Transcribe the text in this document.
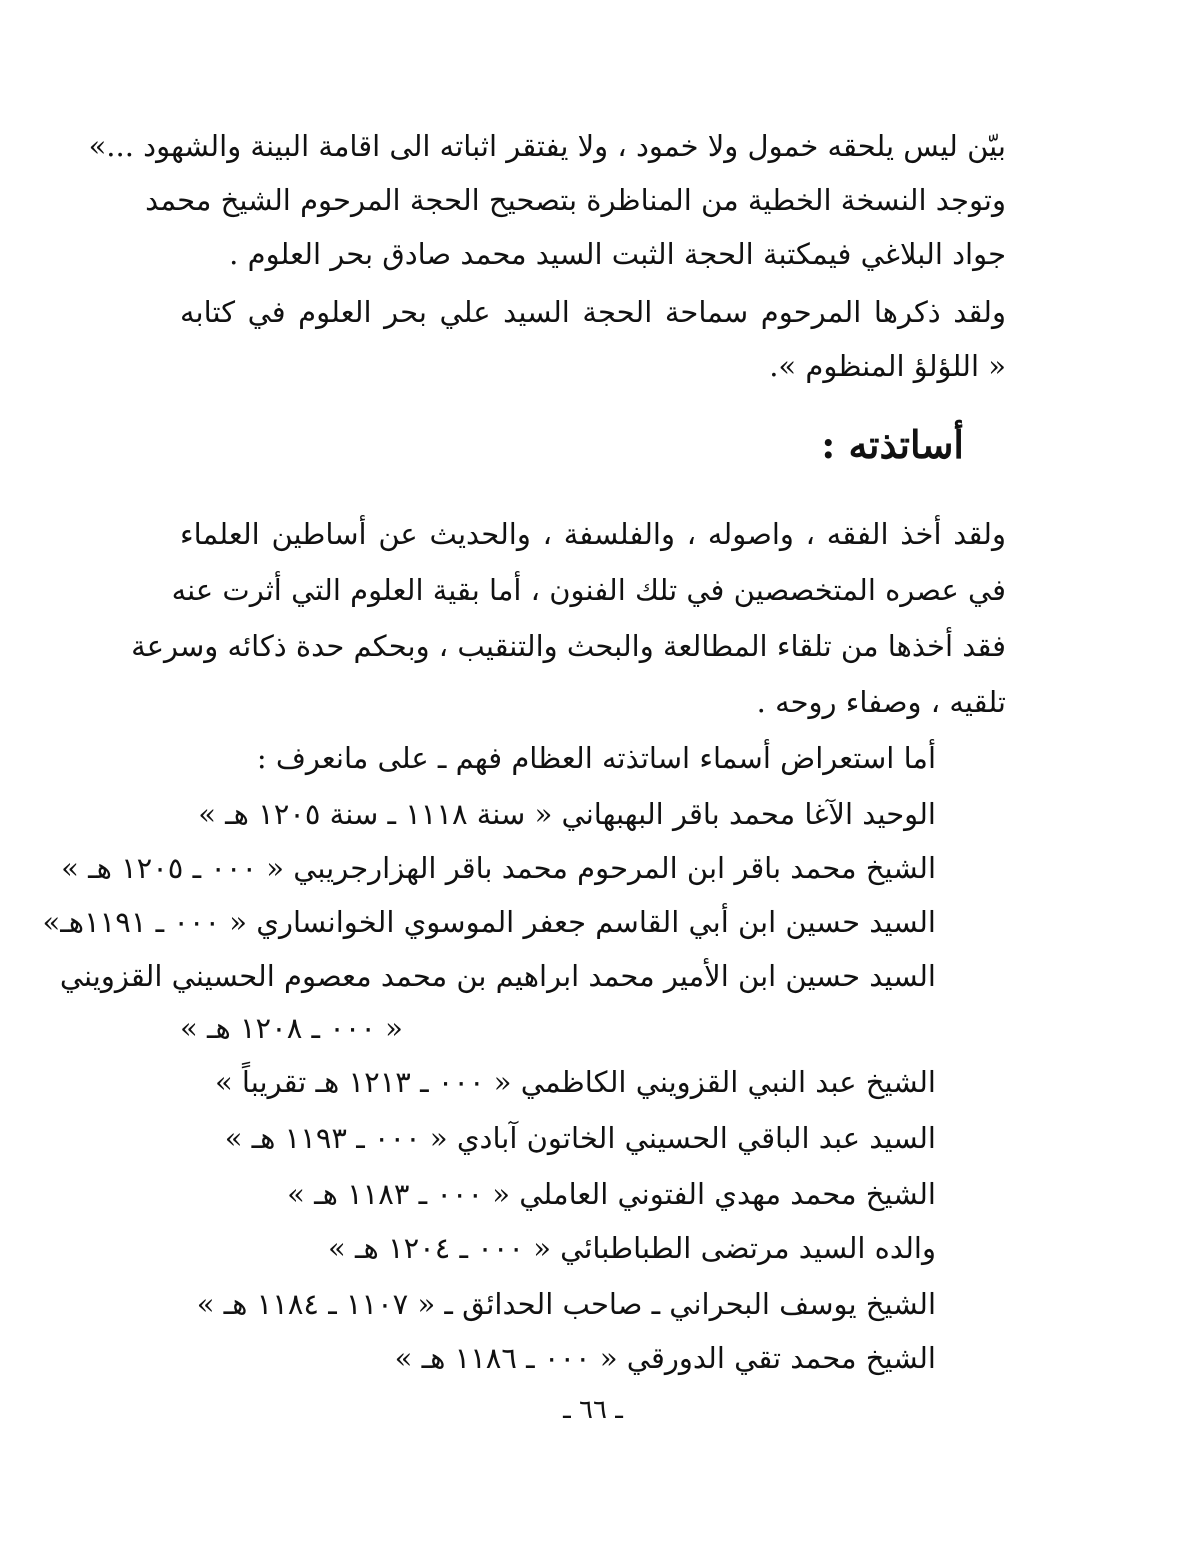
بيّن ليس يلحقه خمول ولا خمود ، ولا يفتقر اثباته الى اقامة البينة والشهود ...»
وتوجد النسخة الخطية من المناظرة بتصحيح الحجة المرحوم الشيخ محمد
جواد البلاغي فيمكتبة الحجة الثبت السيد محمد صادق بحر العلوم .
ولقد ذكرها المرحوم سماحة الحجة السيد علي بحر العلوم في كتابه
« اللؤلؤ المنظوم ».
أساتذته :
ولقد أخذ الفقه ، واصوله ، والفلسفة ، والحديث عن أساطين العلماء
في عصره المتخصصين في تلك الفنون ، أما بقية العلوم التي أثرت عنه
فقد أخذها من تلقاء المطالعة والبحث والتنقيب ، وبحكم حدة ذكائه وسرعة
تلقيه ، وصفاء روحه .
أما استعراض أسماء اساتذته العظام فهم ـ على مانعرف :
الوحيد الآغا محمد باقر البهبهاني « سنة ١١١٨ ـ سنة ١٢٠٥ هـ »
الشيخ محمد باقر ابن المرحوم محمد باقر الهزارجريبي « ٠٠٠ ـ ١٢٠٥ هـ »
السيد حسين ابن أبي القاسم جعفر الموسوي الخوانساري « ٠٠٠ ـ ١١٩١هـ»
السيد حسين ابن الأمير محمد ابراهيم بن محمد معصوم الحسيني القزويني
« ٠٠٠ ـ ١٢٠٨ هـ »
الشيخ عبد النبي القزويني الكاظمي « ٠٠٠ ـ ١٢١٣ هـ تقريباً »
السيد عبد الباقي الحسيني الخاتون آبادي « ٠٠٠ ـ ١١٩٣ هـ »
الشيخ محمد مهدي الفتوني العاملي « ٠٠٠ ـ ١١٨٣ هـ »
والده السيد مرتضى الطباطبائي « ٠٠٠ ـ ١٢٠٤ هـ »
الشيخ يوسف البحراني ـ صاحب الحدائق ـ « ١١٠٧ ـ ١١٨٤ هـ »
الشيخ محمد تقي الدورقي « ٠٠٠ ـ ١١٨٦ هـ »
ـ ٦٦ ـ
